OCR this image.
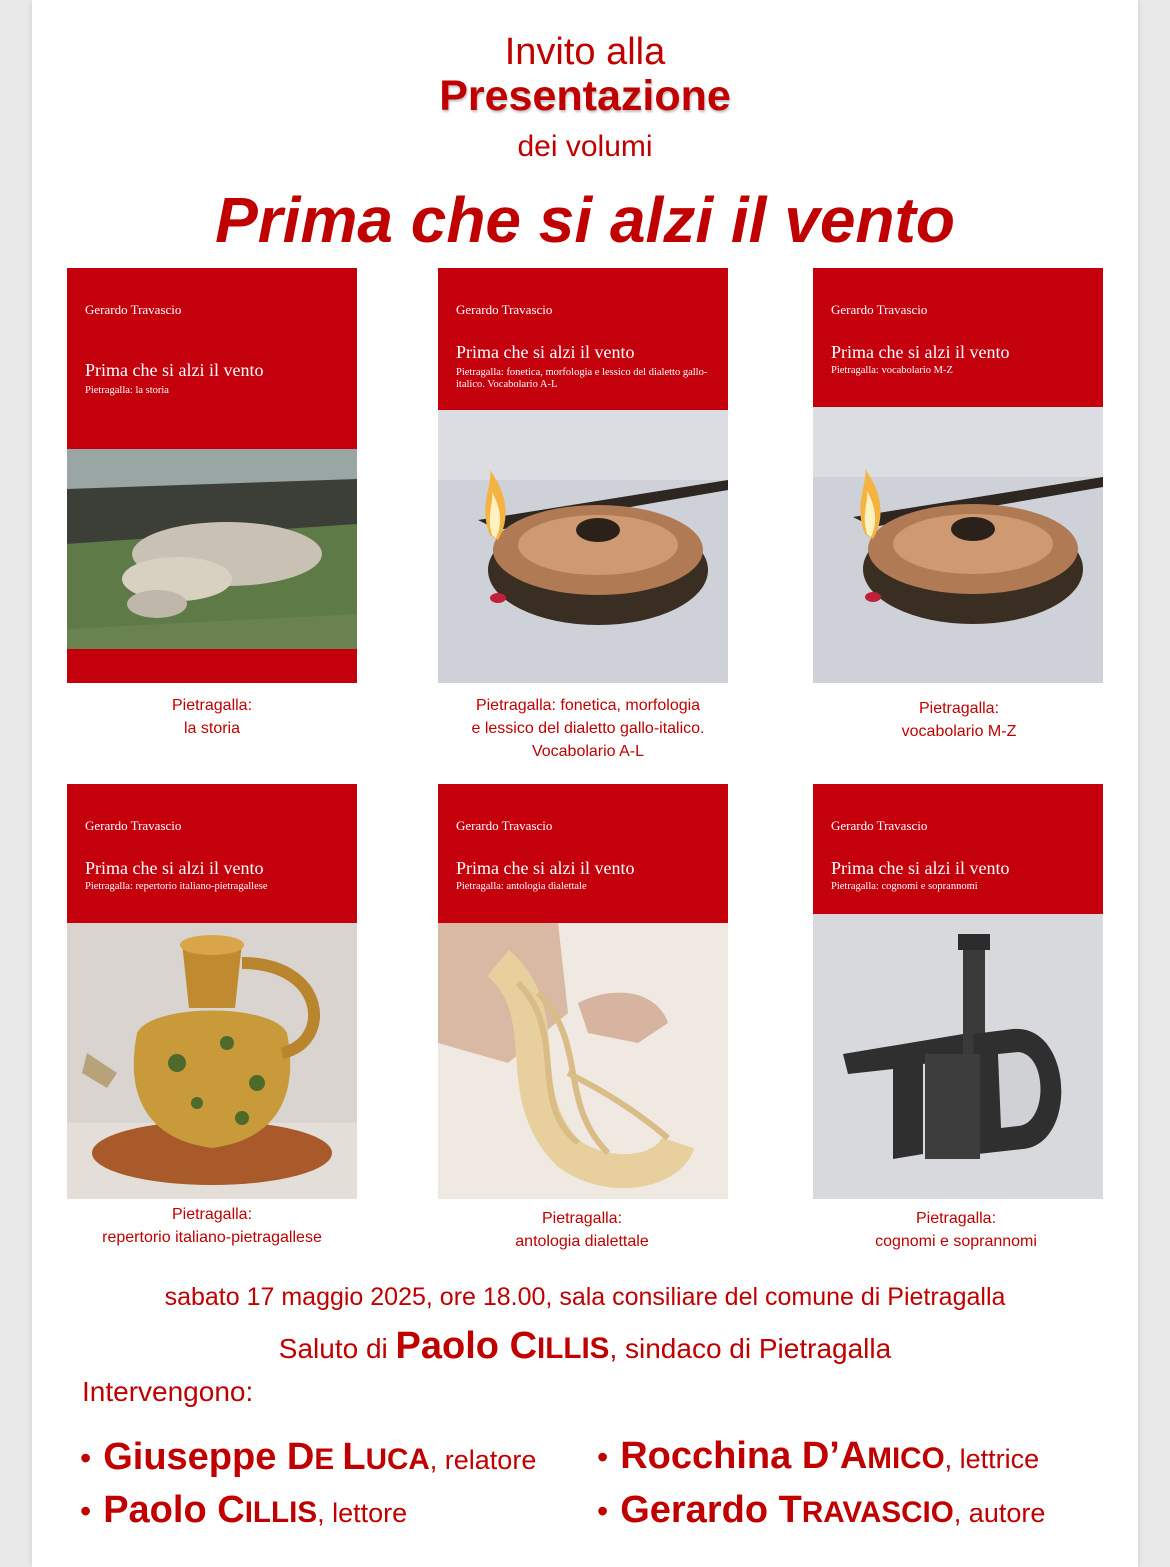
Invito alla
Presentazione
dei volumi
Prima che si alzi il vento
Gerardo Travascio
Prima che si alzi il vento
Pietragalla: la storia
Gerardo Travascio
Prima che si alzi il vento
Pietragalla: fonetica, morfologia e lessico del dialetto gallo-italico. Vocabolario A-L
Gerardo Travascio
Prima che si alzi il vento
Pietragalla: vocabolario M-Z
Pietragalla:
la storia
Pietragalla: fonetica, morfologia
e lessico del dialetto gallo-italico.
Vocabolario A-L
Pietragalla:
vocabolario M-Z
Gerardo Travascio
Prima che si alzi il vento
Pietragalla: repertorio italiano-pietragallese
Gerardo Travascio
Prima che si alzi il vento
Pietragalla: antologia dialettale
Gerardo Travascio
Prima che si alzi il vento
Pietragalla: cognomi e soprannomi
Pietragalla:
repertorio italiano-pietragallese
Pietragalla:
antologia dialettale
Pietragalla:
cognomi e soprannomi
sabato 17 maggio 2025, ore 18.00, sala consiliare del comune di Pietragalla
Saluto di Paolo CILLIS, sindaco di Pietragalla
Intervengono:
• Giuseppe DE LUCA, relatore
• Paolo CILLIS, lettore
• Rocchina D’AMICO, lettrice
• Gerardo TRAVASCIO, autore
